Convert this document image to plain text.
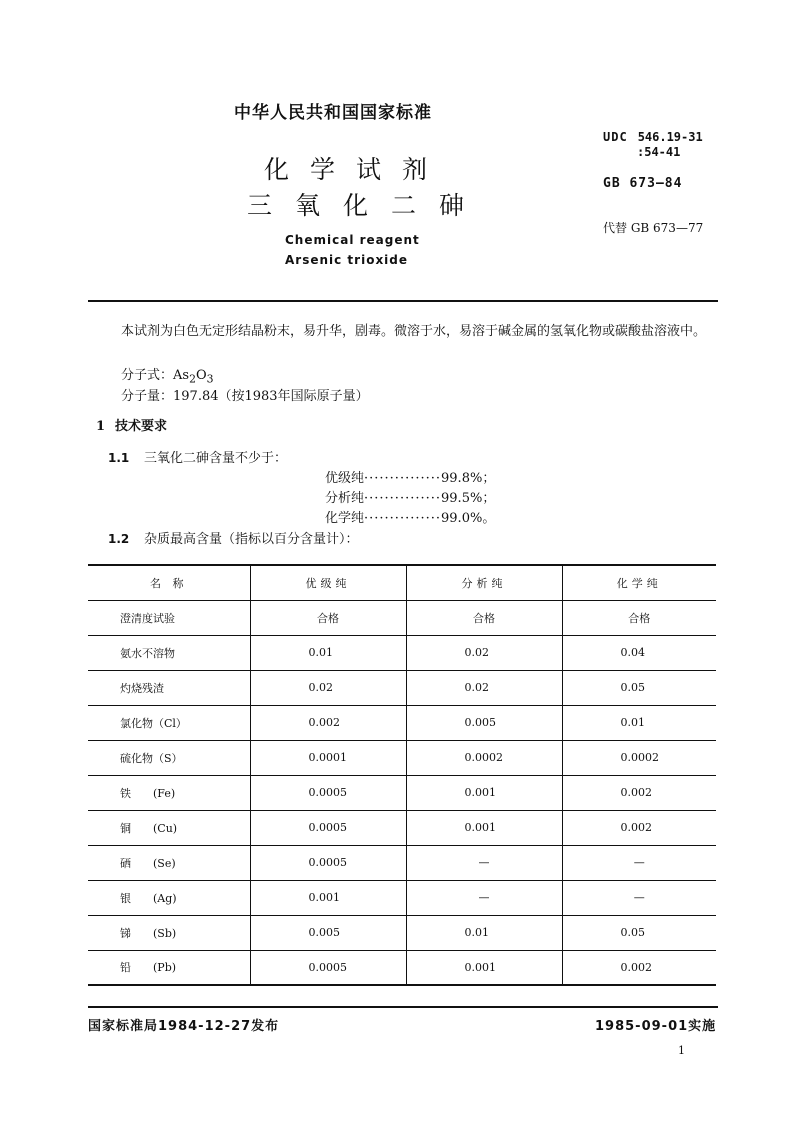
中华人民共和国国家标准
UDC 546.19-31
:54-41
GB 673—84
代替 GB 673—77
化学试剂
三氧化二砷
Chemical reagent
Arsenic trioxide
本试剂为白色无定形结晶粉末，易升华，剧毒。微溶于水，易溶于碱金属的氢氧化物或碳酸盐溶液中。
分子式：$As_2O_3$
分子量：197.84（按1983年国际原子量）
1 技术要求
1.1 三氧化二砷含量不少于：
优级纯···············99.8%；
分析纯···············99.5%；
化学纯···············99.0%。
1.2 杂质最高含量（指标以百分含量计）：
名 称	优级纯	分析纯	化学纯
澄清度试验	合格	合格	合格
氨水不溶物	0.01	0.02	0.04
灼烧残渣	0.02	0.02	0.05
氯化物（Cl）	0.002	0.005	0.01
硫化物（S）	0.0001	0.0002	0.0002
铁 (Fe)	0.0005	0.001	0.002
铜 (Cu)	0.0005	0.001	0.002
硒 (Se)	0.0005	—	—
银 (Ag)	0.001	—	—
锑 (Sb)	0.005	0.01	0.05
铅 (Pb)	0.0005	0.001	0.002
国家标准局1984-12-27发布	1985-09-01实施
1
